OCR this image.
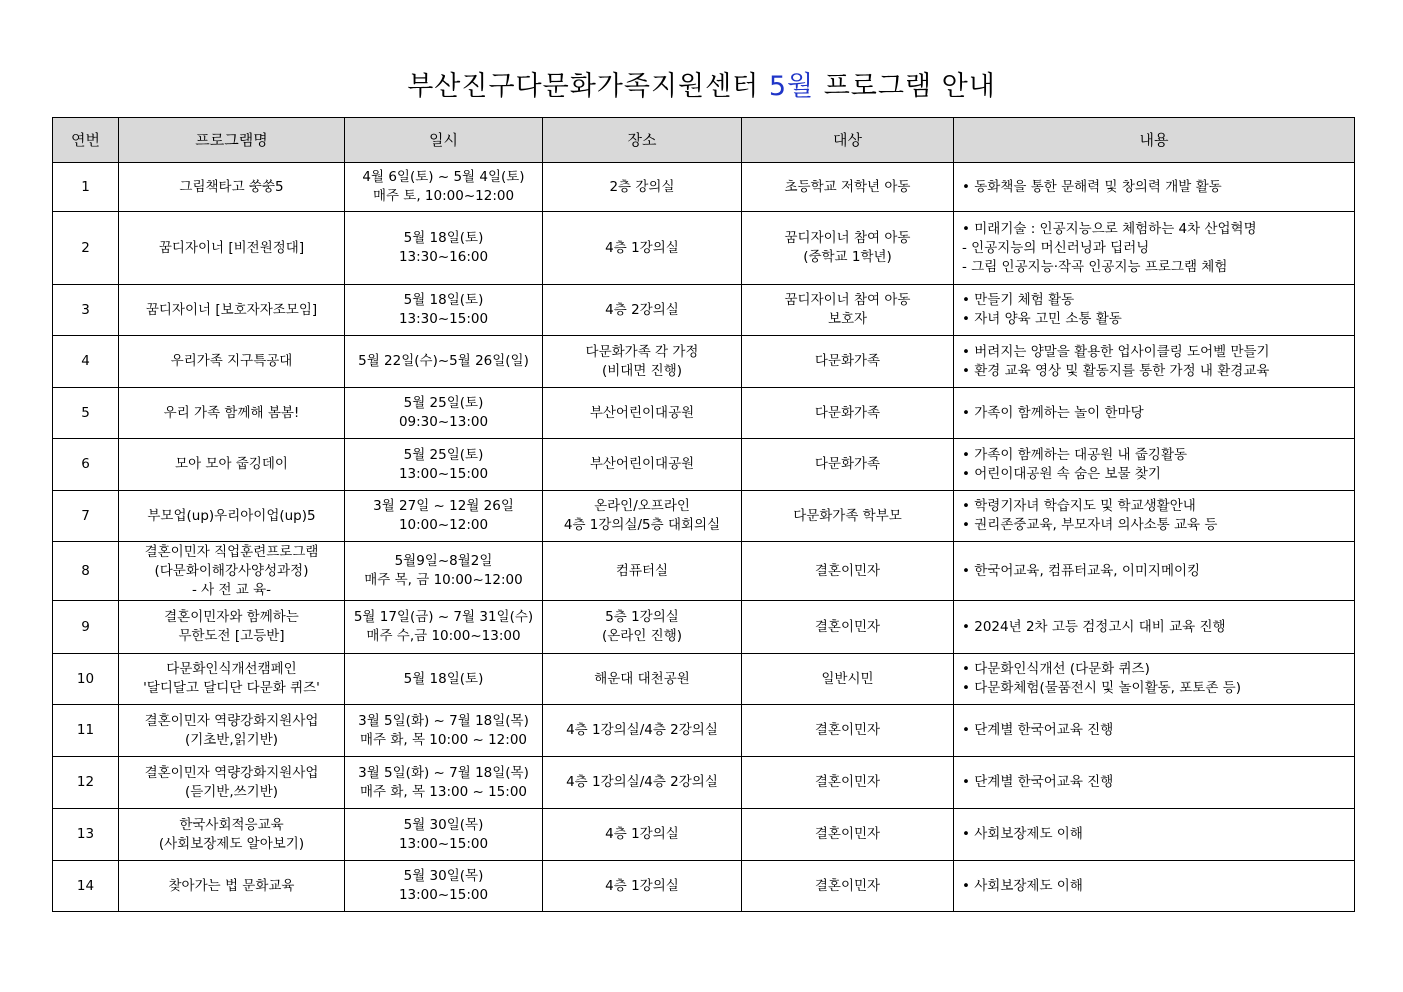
부산진구다문화가족지원센터 5월 프로그램 안내
연번	프로그램명	일시	장소	대상	내용
1	그림책타고 쑹쑹5	4월 6일(토) ~ 5월 4일(토)
매주 토, 10:00~12:00	2층 강의실	초등학교 저학년 아동	• 동화책을 통한 문해력 및 창의력 개발 활동

2	꿈디자이너 [비전원정대]	5월 18일(토)
13:30~16:00	4층 1강의실	꿈디자이너 참여 아동
(중학교 1학년)	• 미래기술 : 인공지능으로 체험하는 4차 산업혁명
- 인공지능의 머신러닝과 딥러닝
- 그림 인공지능·작곡 인공지능 프로그램 체험

3	꿈디자이너 [보호자자조모임]	5월 18일(토)
13:30~15:00	4층 2강의실	꿈디자이너 참여 아동
보호자	• 만들기 체험 활동
• 자녀 양육 고민 소통 활동

4	우리가족 지구특공대	5월 22일(수)~5월 26일(일)	다문화가족 각 가정
(비대면 진행)	다문화가족	• 버려지는 양말을 활용한 업사이클링 도어벨 만들기
• 환경 교육 영상 및 활동지를 통한 가정 내 환경교육

5	우리 가족 함께해 봄봄!	5월 25일(토)
09:30~13:00	부산어린이대공원	다문화가족	• 가족이 함께하는 놀이 한마당

6	모아 모아 줍깅데이	5월 25일(토)
13:00~15:00	부산어린이대공원	다문화가족	• 가족이 함께하는 대공원 내 줍깅활동
• 어린이대공원 속 숨은 보물 찾기

7	부모업(up)우리아이업(up)5	3월 27일 ~ 12월 26일
10:00~12:00	온라인/오프라인
4층 1강의실/5층 대회의실	다문화가족 학부모	• 학령기자녀 학습지도 및 학교생활안내
• 권리존중교육, 부모자녀 의사소통 교육 등

8	결혼이민자 직업훈련프로그램
(다문화이해강사양성과정)
- 사 전 교 육-	5월9일~8월2일
매주 목, 금 10:00~12:00	컴퓨터실	결혼이민자	• 한국어교육, 컴퓨터교육, 이미지메이킹

9	결혼이민자와 함께하는
무한도전 [고등반]	5월 17일(금) ~ 7월 31일(수)
매주 수,금 10:00~13:00	5층 1강의실
(온라인 진행)	결혼이민자	• 2024년 2차 고등 검정고시 대비 교육 진행

10	다문화인식개선캠페인
'달디달고 달디단 다문화 퀴즈'	5월 18일(토)	해운대 대천공원	일반시민	• 다문화인식개선 (다문화 퀴즈)
• 다문화체험(물품전시 및 놀이활동, 포토존 등)

11	결혼이민자 역량강화지원사업
(기초반,읽기반)	3월 5일(화) ~ 7월 18일(목)
매주 화, 목 10:00 ~ 12:00	4층 1강의실/4층 2강의실	결혼이민자	• 단계별 한국어교육 진행

12	결혼이민자 역량강화지원사업
(듣기반,쓰기반)	3월 5일(화) ~ 7월 18일(목)
매주 화, 목 13:00 ~ 15:00	4층 1강의실/4층 2강의실	결혼이민자	• 단계별 한국어교육 진행

13	한국사회적응교육
(사회보장제도 알아보기)	5월 30일(목)
13:00~15:00	4층 1강의실	결혼이민자	• 사회보장제도 이해

14	찾아가는 법 문화교육	5월 30일(목)
13:00~15:00	4층 1강의실	결혼이민자	• 사회보장제도 이해
